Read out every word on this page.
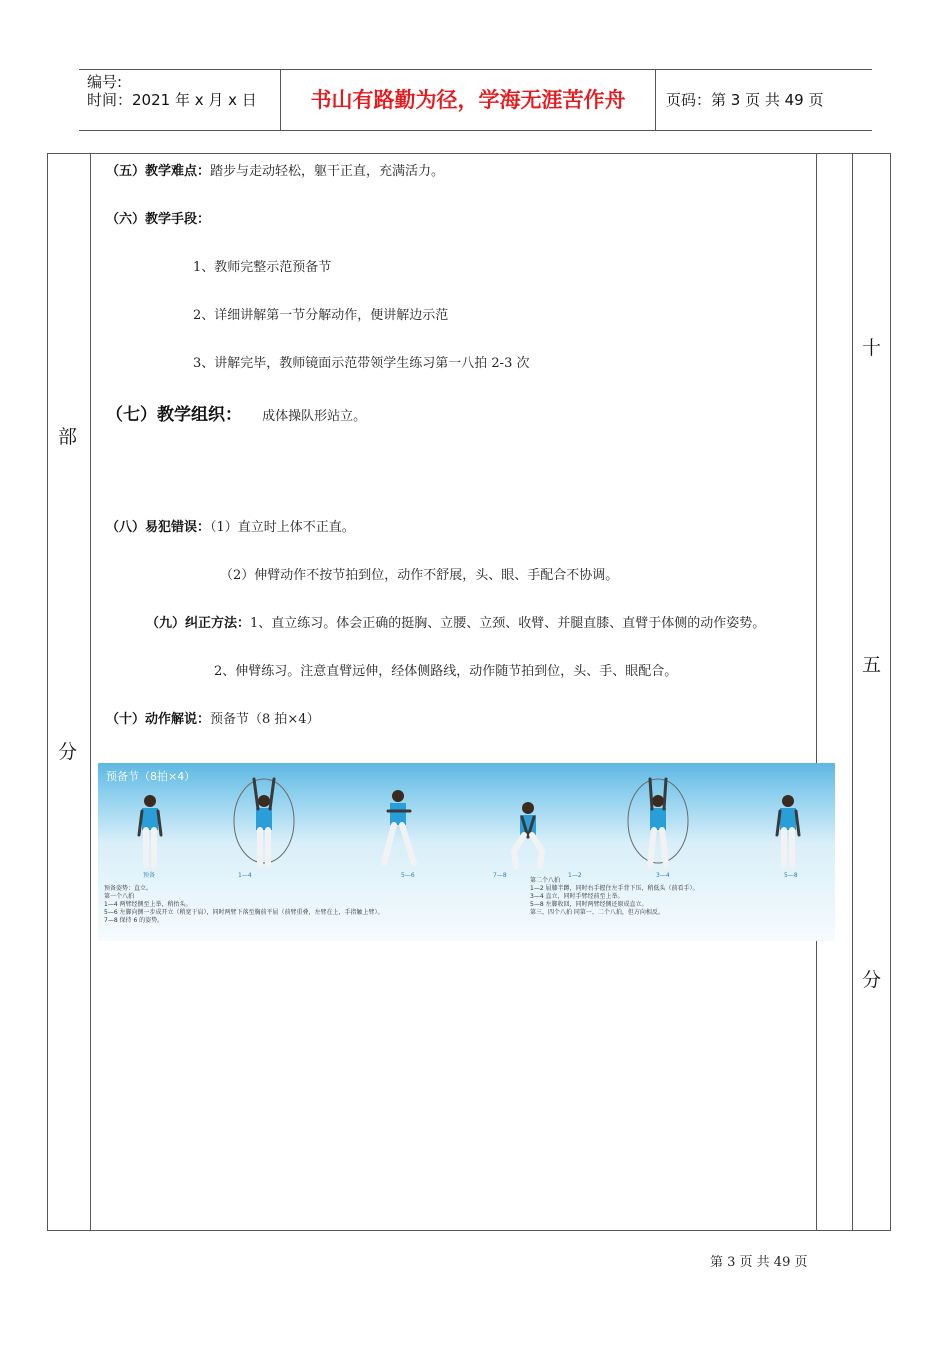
编号:
时间：2021 年 x 月 x 日	书山有路勤为径，学海无涯苦作舟	页码：第 3 页 共 49 页
部
分
十
五
分
（五）教学难点：踏步与走动轻松，躯干正直，充满活力。
（六）教学手段：
1、教师完整示范预备节
2、详细讲解第一节分解动作，便讲解边示范
3、讲解完毕，教师镜面示范带领学生练习第一八拍 2-3 次
（七）教学组织： 成体操队形站立。
（八）易犯错误：（1）直立时上体不正直。
（2）伸臂动作不按节拍到位，动作不舒展，头、眼、手配合不协调。
（九）纠正方法：1、直立练习。体会正确的挺胸、立腰、立颈、收臂、并腿直膝、直臂于体侧的动作姿势。
2、伸臂练习。注意直臂远伸，经体侧路线，动作随节拍到位，头、手、眼配合。
（十）动作解说：预备节（8 拍×4）
预备节（8拍×4）
预备	1—4	5—6	7—8	1—2	3—4	5—8
预备姿势：直立。
第一个八拍
1—4 两臂经侧至上举，稍抬头。
5—6 左脚向侧一步成开立（稍宽于肩），同时两臂下落至胸前平屈（前臂重叠，左臂在上，手指触上臂）。
7—8 保持 6 的姿势。
第二个八拍
1—2 屈膝半蹲，同时右手握住左手背下压，稍低头（前看手）。
3—4 直立，同时手臂经前至上举。
5—8 左脚收回，同时两臂经侧还原成直立。
第三、四个八拍 同第一、二个八拍，但方向相反。
第 3 页 共 49 页
